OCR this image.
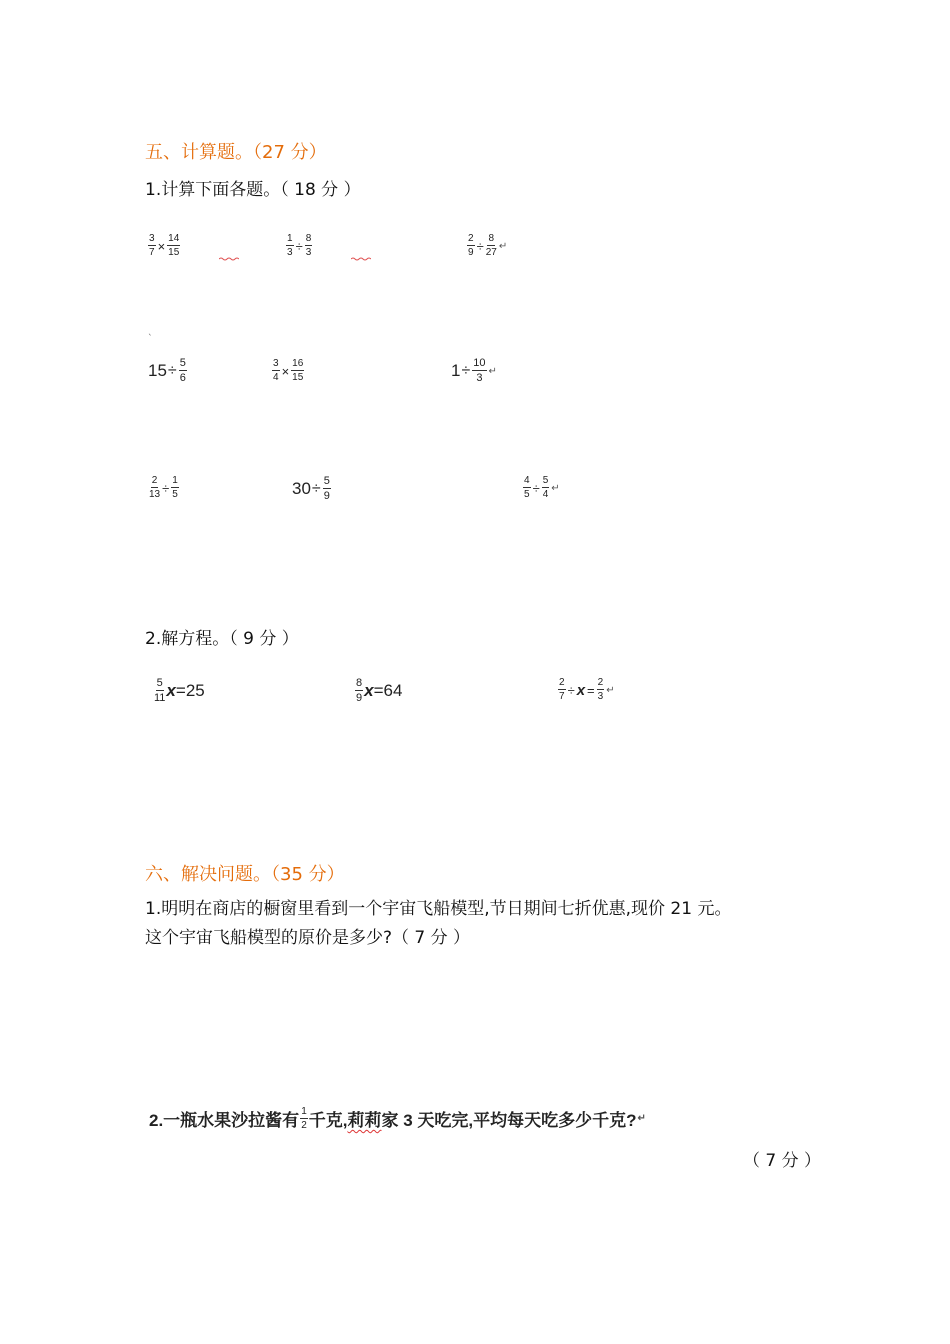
五、计算题。（27 分）
1.计算下面各题。（ 18 分 ）
$\frac{3}{7} \times \frac{14}{15}$	$\frac{1}{3} \div \frac{8}{3}$	$\frac{2}{9} \div \frac{8}{27}$ ↵
ˋ
$15 \div \frac{5}{6}$	$\frac{3}{4} \times \frac{16}{15}$	$1 \div \frac{10}{3}$ ↵
$\frac{2}{13} \div \frac{1}{5}$	$30 \div \frac{5}{9}$	$\frac{4}{5} \div \frac{5}{4}$ ↵
2.解方程。（ 9 分 ）
$\frac{5}{11}$ x =25	$\frac{8}{9}$ x =64	$\frac{2}{7} \div x = \frac{2}{3}$ ↵
六、解决问题。（35 分）
1.明明在商店的橱窗里看到一个宇宙飞船模型,节日期间七折优惠,现价 21 元。
这个宇宙飞船模型的原价是多少?（ 7 分 ）
2.一瓶水果沙拉酱有 $\frac{1}{2}$ 千克, 莉莉 家 3 天吃完,平均每天吃多少千克? ↵
（ 7 分 ）
